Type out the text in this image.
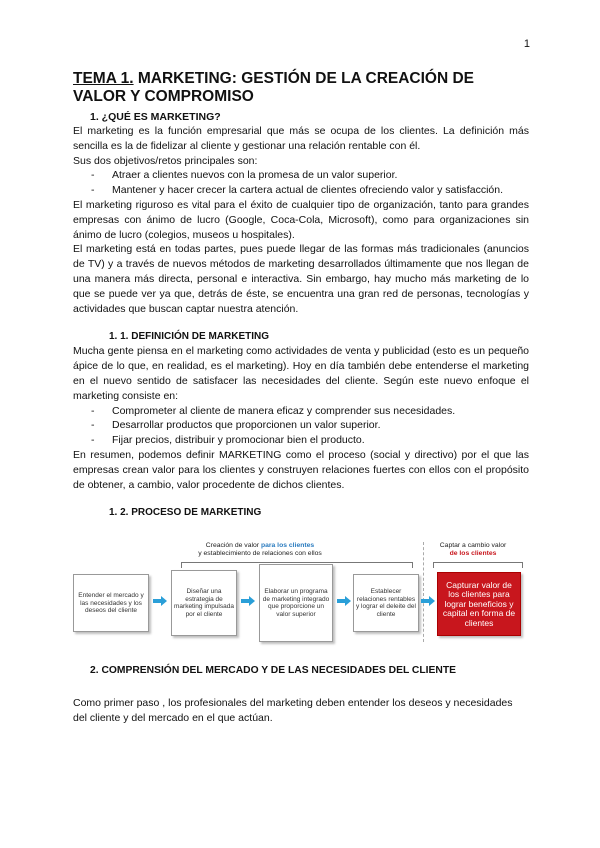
1
TEMA 1. MARKETING: GESTIÓN DE LA CREACIÓN DE VALOR Y COMPROMISO
1. ¿QUÉ ES MARKETING?

El marketing es la función empresarial que más se ocupa de los clientes. La definición más sencilla es la de fidelizar al cliente y gestionar una relación rentable con él.

Sus dos objetivos/retos principales son:

- Atraer a clientes nuevos con la promesa de un valor superior.
- Mantener y hacer crecer la cartera actual de clientes ofreciendo valor y satisfacción.

El marketing riguroso es vital para el éxito de cualquier tipo de organización, tanto para grandes empresas con ánimo de lucro (Google, Coca-Cola, Microsoft), como para organizaciones sin ánimo de lucro (colegios, museos u hospitales).

El marketing está en todas partes, pues puede llegar de las formas más tradicionales (anuncios de TV) y a través de nuevos métodos de marketing desarrollados últimamente que nos llegan de una manera más directa, personal e interactiva. Sin embargo, hay mucho más marketing de lo que se puede ver ya que, detrás de éste, se encuentra una gran red de personas, tecnologías y actividades que buscan captar nuestra atención.

1. 1. DEFINICIÓN DE MARKETING

Mucha gente piensa en el marketing como actividades de venta y publicidad (esto es un pequeño ápice de lo que, en realidad, es el marketing). Hoy en día también debe entenderse el marketing en el nuevo sentido de satisfacer las necesidades del cliente. Según este nuevo enfoque el marketing consiste en:

- Comprometer al cliente de manera eficaz y comprender sus necesidades.
- Desarrollar productos que proporcionen un valor superior.
- Fijar precios, distribuir y promocionar bien el producto.

En resumen, podemos definir MARKETING como el proceso (social y directivo) por el que las empresas crean valor para los clientes y construyen relaciones fuertes con ellos con el propósito de obtener, a cambio, valor procedente de dichos clientes.

1. 2. PROCESO DE MARKETING
Creación de valor para los clientes
y establecimiento de relaciones con ellos
Captar a cambio valor
de los clientes
Entender el mercado y las necesidades y los deseos del cliente
Diseñar una estrategia de marketing impulsada por el cliente
Elaborar un programa de marketing integrado que proporcione un valor superior
Establecer relaciones rentables y lograr el deleite del cliente
Capturar valor de los clientes para lograr beneficios y capital en forma de clientes
2. COMPRENSIÓN DEL MERCADO Y DE LAS NECESIDADES DEL CLIENTE

Como primer paso , los profesionales del marketing deben entender los deseos y necesidades del cliente y del mercado en el que actúan.
